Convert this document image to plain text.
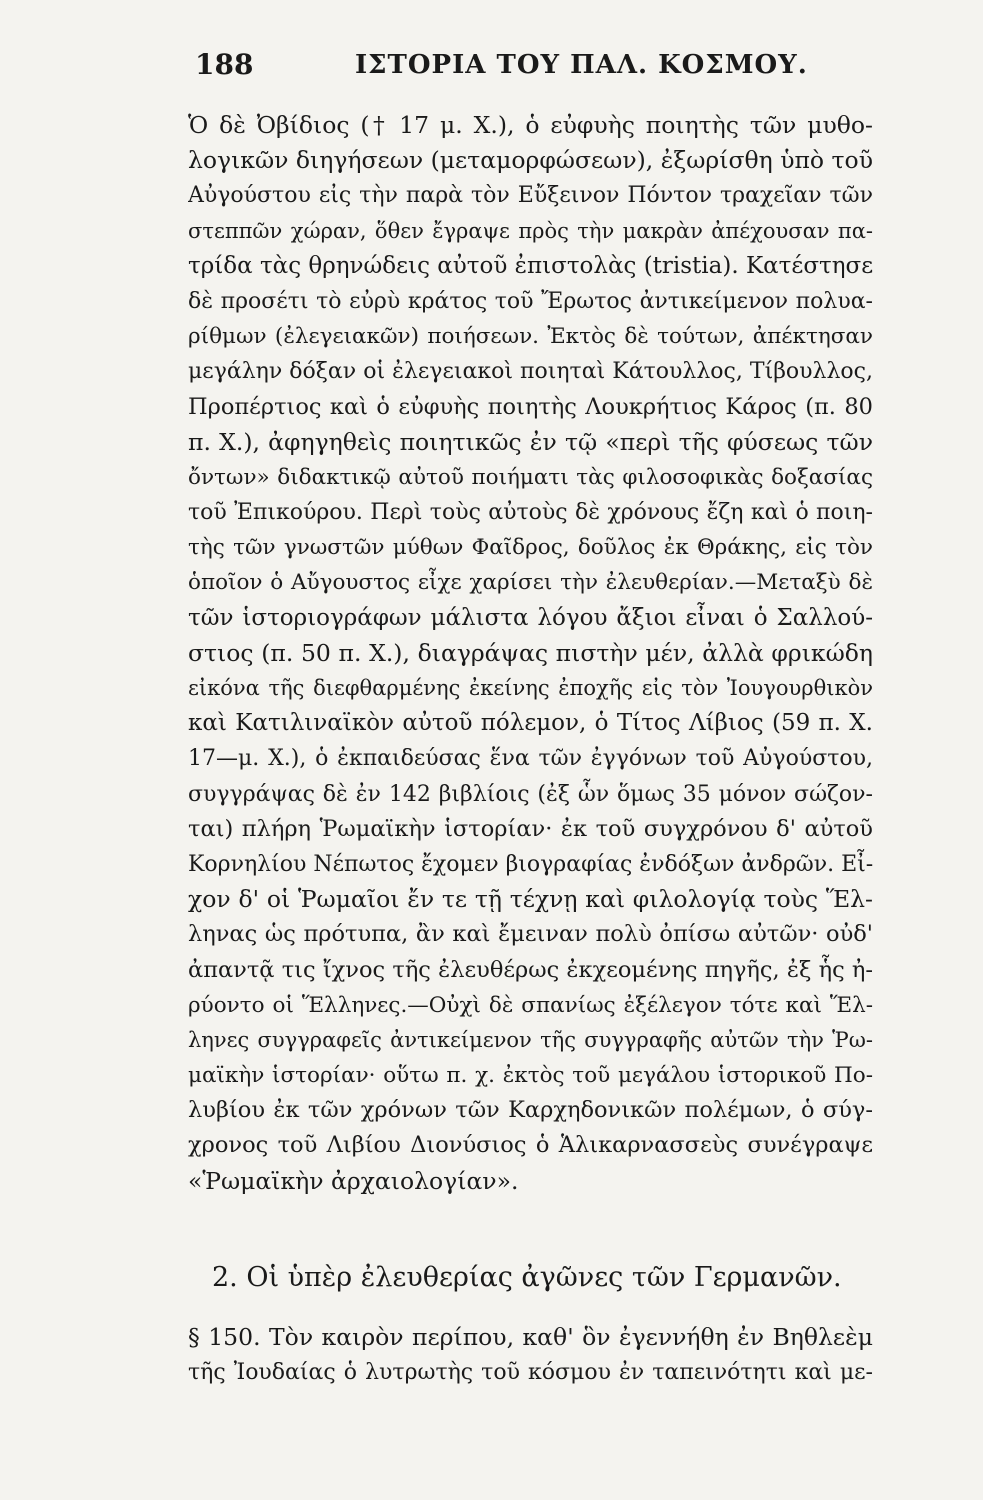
188	ΙΣΤΟΡΙΑ ΤΟΥ ΠΑΛ. ΚΟΣΜΟΥ.
Ὁ δὲ Ὀβίδιος († 17 μ. Χ.), ὁ εὐφυὴς ποιητὴς τῶν μυθο-
λογικῶν διηγήσεων (μεταμορφώσεων), ἐξωρίσθη ὑπὸ τοῦ
Αὐγούστου εἰς τὴν παρὰ τὸν Εὔξεινον Πόντον τραχεῖαν τῶν
στεππῶν χώραν, ὅθεν ἔγραψε πρὸς τὴν μακρὰν ἀπέχουσαν πα-
τρίδα τὰς θρηνώδεις αὐτοῦ ἐπιστολὰς (tristia). Κατέστησε
δὲ προσέτι τὸ εὐρὺ κράτος τοῦ Ἔρωτος ἀντικείμενον πολυα-
ρίθμων (ἐλεγειακῶν) ποιήσεων. Ἐκτὸς δὲ τούτων, ἀπέκτησαν
μεγάλην δόξαν οἱ ἐλεγειακοὶ ποιηταὶ Κάτουλλος, Τίβουλλος,
Προπέρτιος καὶ ὁ εὐφυὴς ποιητὴς Λουκρήτιος Κάρος (π. 80
π. Χ.), ἀφηγηθεὶς ποιητικῶς ἐν τῷ «περὶ τῆς φύσεως τῶν
ὄντων» διδακτικῷ αὐτοῦ ποιήματι τὰς φιλοσοφικὰς δοξασίας
τοῦ Ἐπικούρου. Περὶ τοὺς αὐτοὺς δὲ χρόνους ἔζη καὶ ὁ ποιη-
τὴς τῶν γνωστῶν μύθων Φαῖδρος, δοῦλος ἐκ Θράκης, εἰς τὸν
ὁποῖον ὁ Αὔγουστος εἶχε χαρίσει τὴν ἐλευθερίαν.—Μεταξὺ δὲ
τῶν ἱστοριογράφων μάλιστα λόγου ἄξιοι εἶναι ὁ Σαλλού-
στιος (π. 50 π. Χ.), διαγράψας πιστὴν μέν, ἀλλὰ φρικώδη
εἰκόνα τῆς διεφθαρμένης ἐκείνης ἐποχῆς εἰς τὸν Ἰουγουρθικὸν
καὶ Κατιλιναϊκὸν αὐτοῦ πόλεμον, ὁ Τίτος Λίβιος (59 π. Χ.
17—μ. Χ.), ὁ ἐκπαιδεύσας ἕνα τῶν ἐγγόνων τοῦ Αὐγούστου,
συγγράψας δὲ ἐν 142 βιβλίοις (ἐξ ὧν ὅμως 35 μόνον σώζον-
ται) πλήρη Ῥωμαϊκὴν ἱστορίαν· ἐκ τοῦ συγχρόνου δ' αὐτοῦ
Κορνηλίου Νέπωτος ἔχομεν βιογραφίας ἐνδόξων ἀνδρῶν. Εἶ-
χον δ' οἱ Ῥωμαῖοι ἔν τε τῇ τέχνῃ καὶ φιλολογίᾳ τοὺς Ἕλ-
ληνας ὡς πρότυπα, ἂν καὶ ἔμειναν πολὺ ὀπίσω αὐτῶν· οὐδ'
ἀπαντᾷ τις ἴχνος τῆς ἐλευθέρως ἐκχεομένης πηγῆς, ἐξ ἧς ἠ-
ρύοντο οἱ Ἕλληνες.—Οὐχὶ δὲ σπανίως ἐξέλεγον τότε καὶ Ἕλ-
ληνες συγγραφεῖς ἀντικείμενον τῆς συγγραφῆς αὐτῶν τὴν Ῥω-
μαϊκὴν ἱστορίαν· οὕτω π. χ. ἐκτὸς τοῦ μεγάλου ἱστορικοῦ Πο-
λυβίου ἐκ τῶν χρόνων τῶν Καρχηδονικῶν πολέμων, ὁ σύγ-
χρονος τοῦ Λιβίου Διονύσιος ὁ Ἁλικαρνασσεὺς συνέγραψε
«Ῥωμαϊκὴν ἀρχαιολογίαν».
2. Οἱ ὑπὲρ ἐλευθερίας ἀγῶνες τῶν Γερμανῶν.
§ 150. Τὸν καιρὸν περίπου, καθ' ὃν ἐγεννήθη ἐν Βηθλεὲμ
τῆς Ἰουδαίας ὁ λυτρωτὴς τοῦ κόσμου ἐν ταπεινότητι καὶ με-
